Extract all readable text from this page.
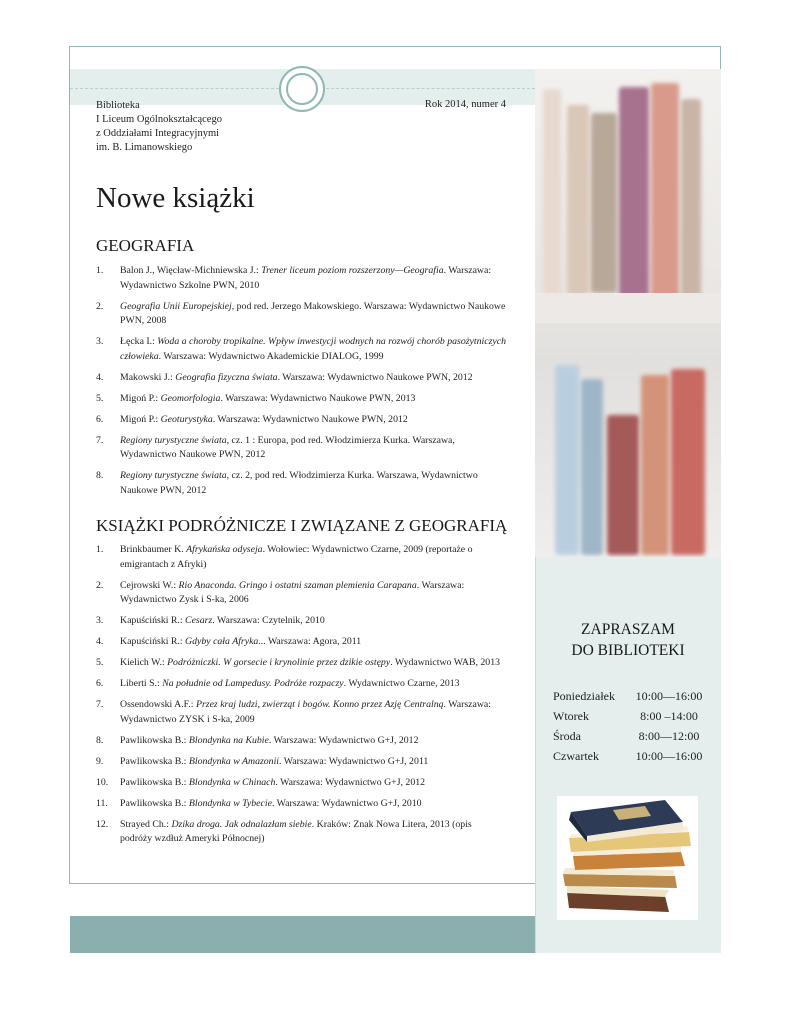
Biblioteka
I Liceum Ogólnokształcącego
z Oddziałami Integracyjnymi
im. B. Limanowskiego
Rok 2014, numer 4
Nowe książki
GEOGRAFIA
1. Balon J., Więcław-Michniewska J.: Trener liceum poziom rozszerzony—Geografia. Warszawa: Wydawnictwo Szkolne PWN, 2010
2. Geografia Unii Europejskiej, pod red. Jerzego Makowskiego. Warszawa: Wydawnictwo Naukowe PWN, 2008
3. Łęcka I.: Woda a choroby tropikalne. Wpływ inwestycji wodnych na rozwój chorób pasożytniczych człowieka. Warszawa: Wydawnictwo Akademickie DIALOG, 1999
4. Makowski J.: Geografia fizyczna świata. Warszawa: Wydawnictwo Naukowe PWN, 2012
5. Migoń P.: Geomorfologia. Warszawa: Wydawnictwo Naukowe PWN, 2013
6. Migoń P.: Geoturystyka. Warszawa: Wydawnictwo Naukowe PWN, 2012
7. Regiony turystyczne świata, cz. 1 : Europa, pod red. Włodzimierza Kurka. Warszawa, Wydawnictwo Naukowe PWN, 2012
8. Regiony turystyczne świata, cz. 2, pod red. Włodzimierza Kurka. Warszawa, Wydawnictwo Naukowe PWN, 2012
KSIĄŻKI PODRÓŻNICZE I ZWIĄZANE Z GEOGRAFIĄ
1. Brinkbaumer K. Afrykańska odyseja. Wołowiec: Wydawnictwo Czarne, 2009 (reportaże o emigrantach z Afryki)
2. Cejrowski W.: Rio Anaconda. Gringo i ostatni szaman plemienia Carapana. Warszawa: Wydawnictwo Zysk i S-ka, 2006
3. Kapuściński R.: Cesarz. Warszawa: Czytelnik, 2010
4. Kapuściński R.: Gdyby cała Afryka... Warszawa: Agora, 2011
5. Kielich W.: Podróżniczki. W gorsecie i krynolinie przez dzikie ostępy. Wydawnictwo WAB, 2013
6. Liberti S.: Na południe od Lampedusy. Podróże rozpaczy. Wydawnictwo Czarne, 2013
7. Ossendowski A.F.: Przez kraj ludzi, zwierząt i bogów. Konno przez Azję Centralną. Warszawa: Wydawnictwo ZYSK i S-ka, 2009
8. Pawlikowska B.: Blondynka na Kubie. Warszawa: Wydawnictwo G+J, 2012
9. Pawlikowska B.: Blondynka w Amazonii. Warszawa: Wydawnictwo G+J, 2011
10. Pawlikowska B.: Blondynka w Chinach. Warszawa: Wydawnictwo G+J, 2012
11. Pawlikowska B.: Blondynka w Tybecie. Warszawa: Wydawnictwo G+J, 2010
12. Strayed Ch.: Dzika droga. Jak odnalazłam siebie. Kraków: Znak Nowa Litera, 2013 (opis podróży wzdłuż Ameryki Północnej)
ZAPRASZAM
DO BIBLIOTEKI
Poniedziałek 10:00—16:00
Wtorek	8:00 –14:00
Środa	8:00—12:00
Czwartek	10:00—16:00
